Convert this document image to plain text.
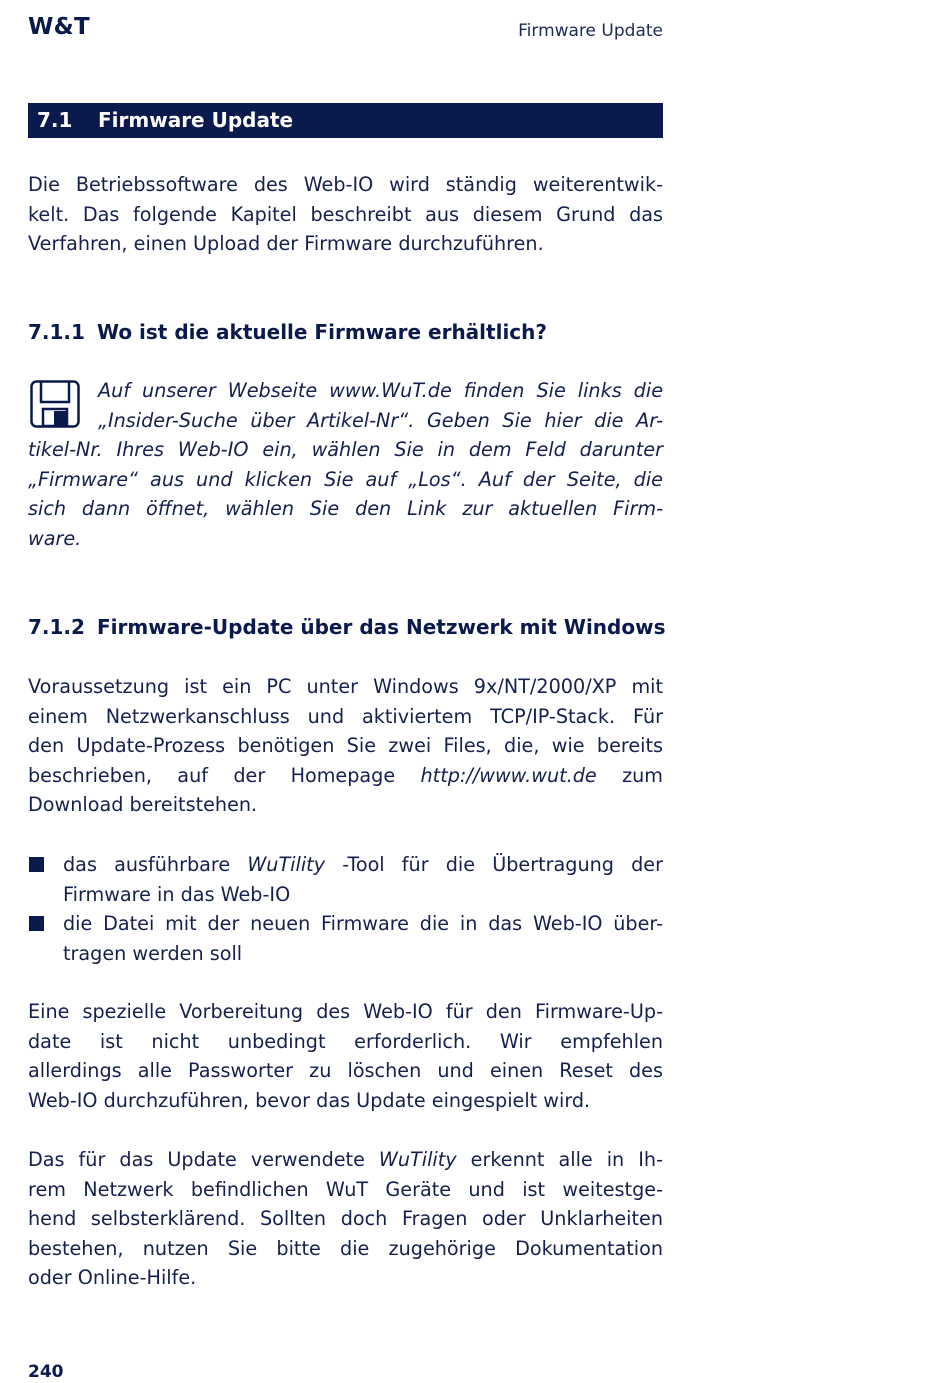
W&T	Firmware Update
7.1 Firmware Update
Die Betriebssoftware des Web-IO wird ständig weiterentwik-
kelt. Das folgende Kapitel beschreibt aus diesem Grund das
Verfahren, einen Upload der Firmware durchzuführen.
7.1.1 Wo ist die aktuelle Firmware erhältlich?
Auf unserer Webseite www.WuT.de finden Sie links die
„Insider-Suche über Artikel-Nr“. Geben Sie hier die Ar-
tikel-Nr. Ihres Web-IO ein, wählen Sie in dem Feld darunter
„Firmware“ aus und klicken Sie auf „Los“. Auf der Seite, die
sich dann öffnet, wählen Sie den Link zur aktuellen Firm-
ware.
7.1.2 Firmware-Update über das Netzwerk mit Windows
Voraussetzung ist ein PC unter Windows 9x/NT/2000/XP mit
einem Netzwerkanschluss und aktiviertem TCP/IP-Stack. Für
den Update-Prozess benötigen Sie zwei Files, die, wie bereits
beschrieben, auf der Homepage http://www.wut.de zum
Download bereitstehen.
das ausführbare WuTility -Tool für die Übertragung der
Firmware in das Web-IO
die Datei mit der neuen Firmware die in das Web-IO über-
tragen werden soll
Eine spezielle Vorbereitung des Web-IO für den Firmware-Up-
date ist nicht unbedingt erforderlich. Wir empfehlen
allerdings alle Passworter zu löschen und einen Reset des
Web-IO durchzuführen, bevor das Update eingespielt wird.
Das für das Update verwendete WuTility erkennt alle in Ih-
rem Netzwerk befindlichen WuT Geräte und ist weitestge-
hend selbsterklärend. Sollten doch Fragen oder Unklarheiten
bestehen, nutzen Sie bitte die zugehörige Dokumentation
oder Online-Hilfe.
240
